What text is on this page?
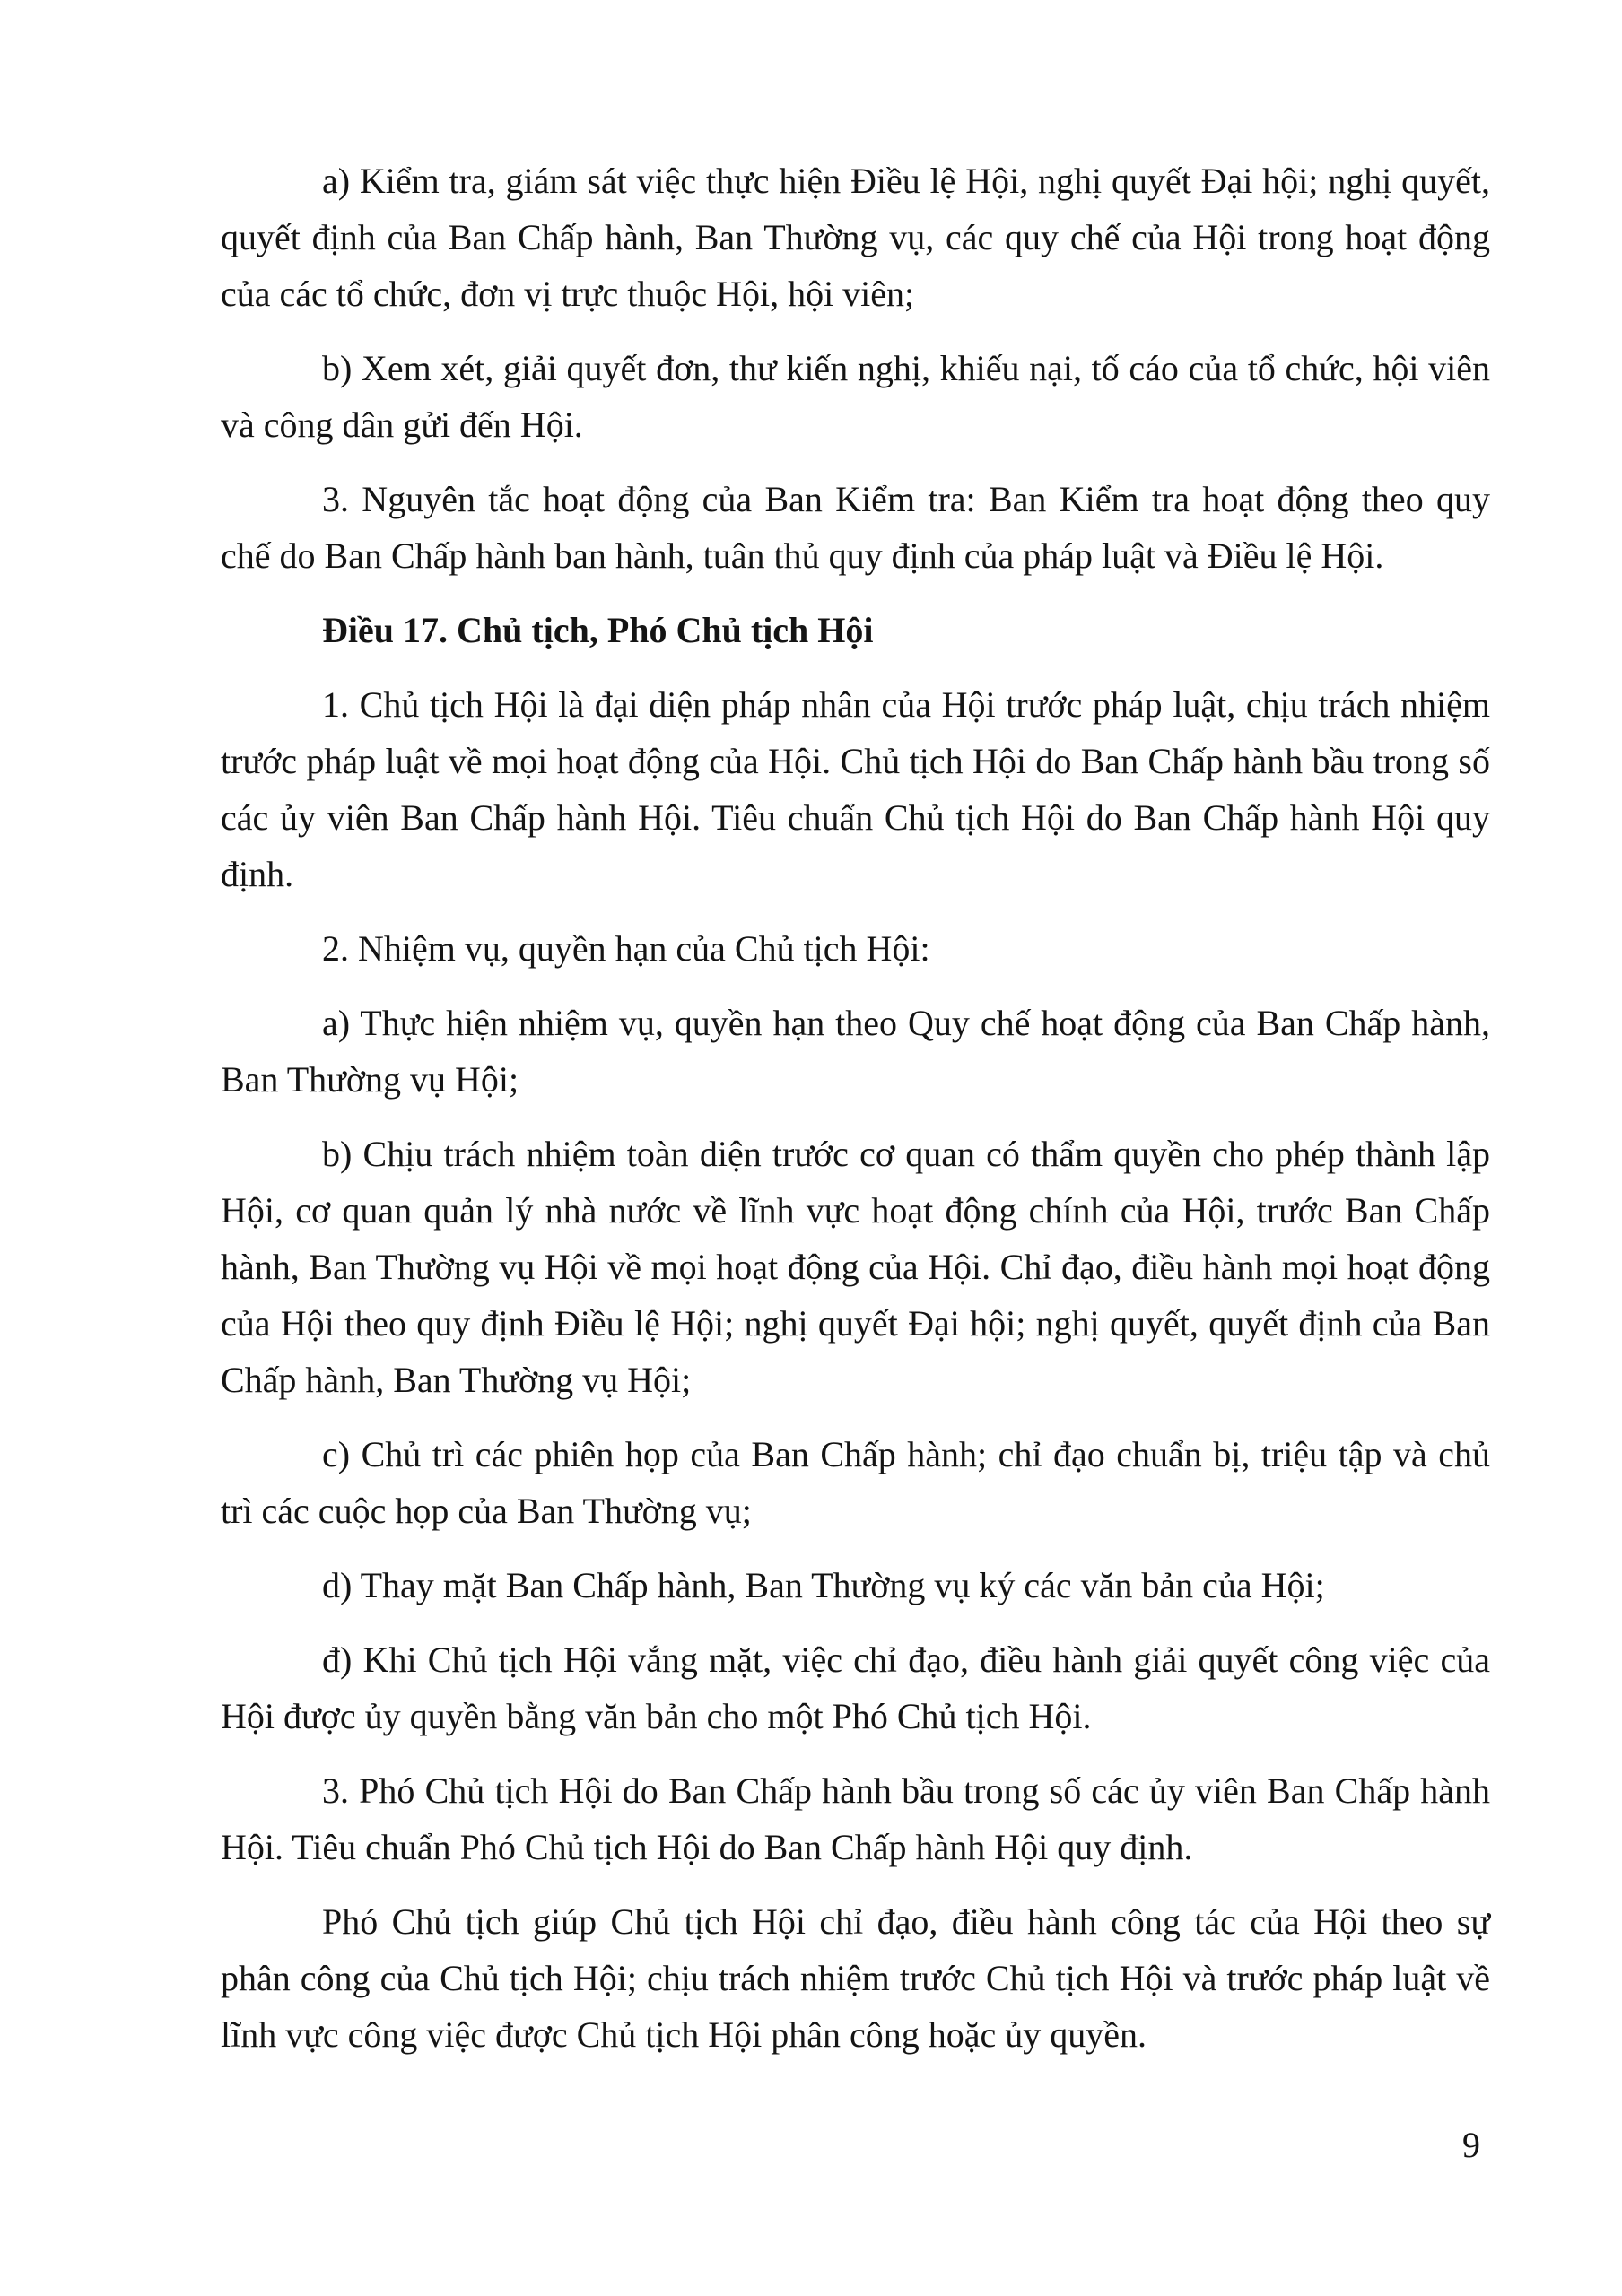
a) Kiểm tra, giám sát việc thực hiện Điều lệ Hội, nghị quyết Đại hội; nghị quyết, quyết định của Ban Chấp hành, Ban Thường vụ, các quy chế của Hội trong hoạt động của các tổ chức, đơn vị trực thuộc Hội, hội viên;

b) Xem xét, giải quyết đơn, thư kiến nghị, khiếu nại, tố cáo của tổ chức, hội viên và công dân gửi đến Hội.

3. Nguyên tắc hoạt động của Ban Kiểm tra: Ban Kiểm tra hoạt động theo quy chế do Ban Chấp hành ban hành, tuân thủ quy định của pháp luật và Điều lệ Hội.

Điều 17. Chủ tịch, Phó Chủ tịch Hội

1. Chủ tịch Hội là đại diện pháp nhân của Hội trước pháp luật, chịu trách nhiệm trước pháp luật về mọi hoạt động của Hội. Chủ tịch Hội do Ban Chấp hành bầu trong số các ủy viên Ban Chấp hành Hội. Tiêu chuẩn Chủ tịch Hội do Ban Chấp hành Hội quy định.

2. Nhiệm vụ, quyền hạn của Chủ tịch Hội:

a) Thực hiện nhiệm vụ, quyền hạn theo Quy chế hoạt động của Ban Chấp hành, Ban Thường vụ Hội;

b) Chịu trách nhiệm toàn diện trước cơ quan có thẩm quyền cho phép thành lập Hội, cơ quan quản lý nhà nước về lĩnh vực hoạt động chính của Hội, trước Ban Chấp hành, Ban Thường vụ Hội về mọi hoạt động của Hội. Chỉ đạo, điều hành mọi hoạt động của Hội theo quy định Điều lệ Hội; nghị quyết Đại hội; nghị quyết, quyết định của Ban Chấp hành, Ban Thường vụ Hội;

c) Chủ trì các phiên họp của Ban Chấp hành; chỉ đạo chuẩn bị, triệu tập và chủ trì các cuộc họp của Ban Thường vụ;

d) Thay mặt Ban Chấp hành, Ban Thường vụ ký các văn bản của Hội;

đ) Khi Chủ tịch Hội vắng mặt, việc chỉ đạo, điều hành giải quyết công việc của Hội được ủy quyền bằng văn bản cho một Phó Chủ tịch Hội.

3. Phó Chủ tịch Hội do Ban Chấp hành bầu trong số các ủy viên Ban Chấp hành Hội. Tiêu chuẩn Phó Chủ tịch Hội do Ban Chấp hành Hội quy định.

Phó Chủ tịch giúp Chủ tịch Hội chỉ đạo, điều hành công tác của Hội theo sự phân công của Chủ tịch Hội; chịu trách nhiệm trước Chủ tịch Hội và trước pháp luật về lĩnh vực công việc được Chủ tịch Hội phân công hoặc ủy quyền.

9
